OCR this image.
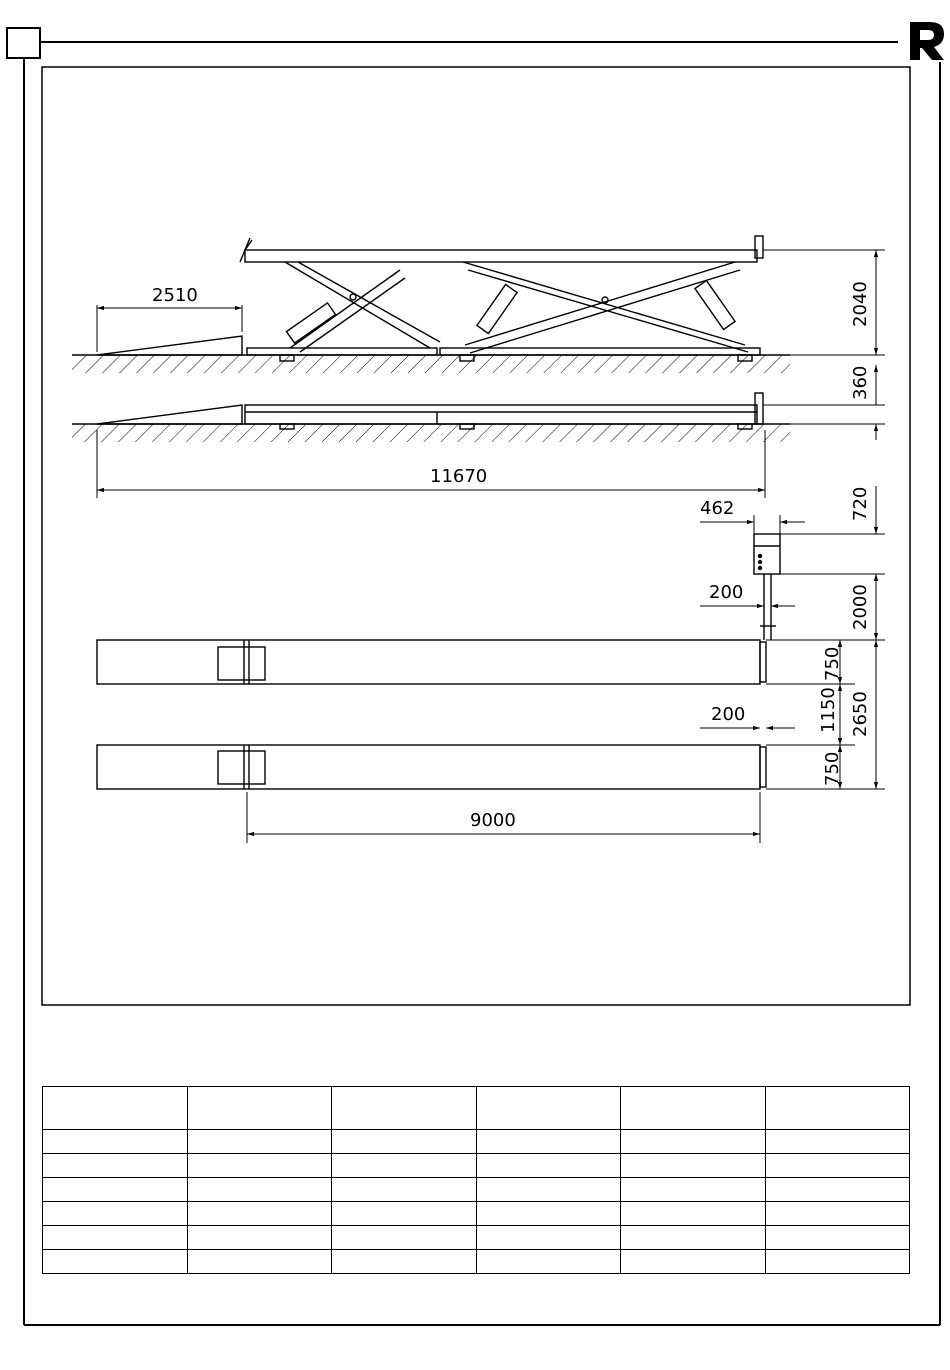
2510	2040
360
11670
462	720
200	2000
750
200	1150 2650
750
9000
